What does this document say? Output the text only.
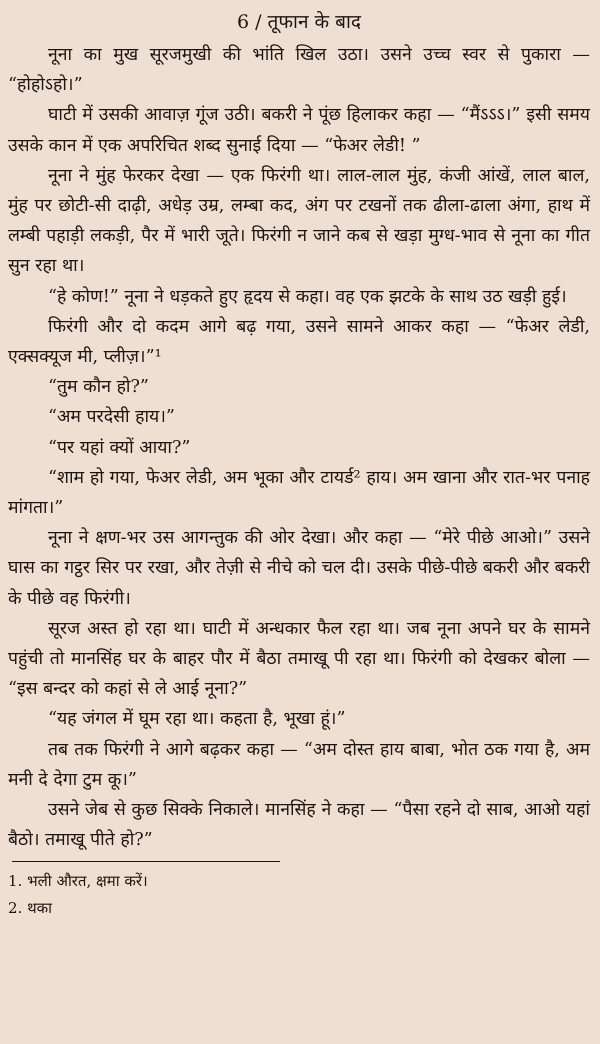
6 / तूफान के बाद

नूना का मुख सूरजमुखी की भांति खिल उठा। उसने उच्च स्वर से पुकारा — “होहोऽहो।”

घाटी में उसकी आवाज़ गूंज उठी। बकरी ने पूंछ हिलाकर कहा — “मैंऽऽऽ।” इसी समय उसके कान में एक अपरिचित शब्द सुनाई दिया — “फेअर लेडी! ”

नूना ने मुंह फेरकर देखा — एक फिरंगी था। लाल-लाल मुंह, कंजी आंखें, लाल बाल, मुंह पर छोटी-सी दाढ़ी, अधेड़ उम्र, लम्बा कद, अंग पर टखनों तक ढीला-ढाला अंगा, हाथ में लम्बी पहाड़ी लकड़ी, पैर में भारी जूते। फिरंगी न जाने कब से खड़ा मुग्ध-भाव से नूना का गीत सुन रहा था।

“हे कोण!” नूना ने धड़कते हुए हृदय से कहा। वह एक झटके के साथ उठ खड़ी हुई।

फिरंगी और दो कदम आगे बढ़ गया, उसने सामने आकर कहा — “फेअर लेडी, एक्सक्यूज मी, प्लीज़।”¹

“तुम कौन हो?”

“अम परदेसी हाय।”

“पर यहां क्यों आया?”

“शाम हो गया, फेअर लेडी, अम भूका और टायर्ड² हाय। अम खाना और रात-भर पनाह मांगता।”

नूना ने क्षण-भर उस आगन्तुक की ओर देखा। और कहा — “मेरे पीछे आओ।” उसने घास का गट्ठर सिर पर रखा, और तेज़ी से नीचे को चल दी। उसके पीछे-पीछे बकरी और बकरी के पीछे वह फिरंगी।

सूरज अस्त हो रहा था। घाटी में अन्धकार फैल रहा था। जब नूना अपने घर के सामने पहुंची तो मानसिंह घर के बाहर पौर में बैठा तमाखू पी रहा था। फिरंगी को देखकर बोला — “इस बन्दर को कहां से ले आई नूना?”

“यह जंगल में घूम रहा था। कहता है, भूखा हूं।”

तब तक फिरंगी ने आगे बढ़कर कहा — “अम दोस्त हाय बाबा, भोत ठक गया है, अम मनी दे देगा टुम कू।”

उसने जेब से कुछ सिक्के निकाले। मानसिंह ने कहा — “पैसा रहने दो साब, आओ यहां बैठो। तमाखू पीते हो?”

1. भली औरत, क्षमा करें।

2. थका
